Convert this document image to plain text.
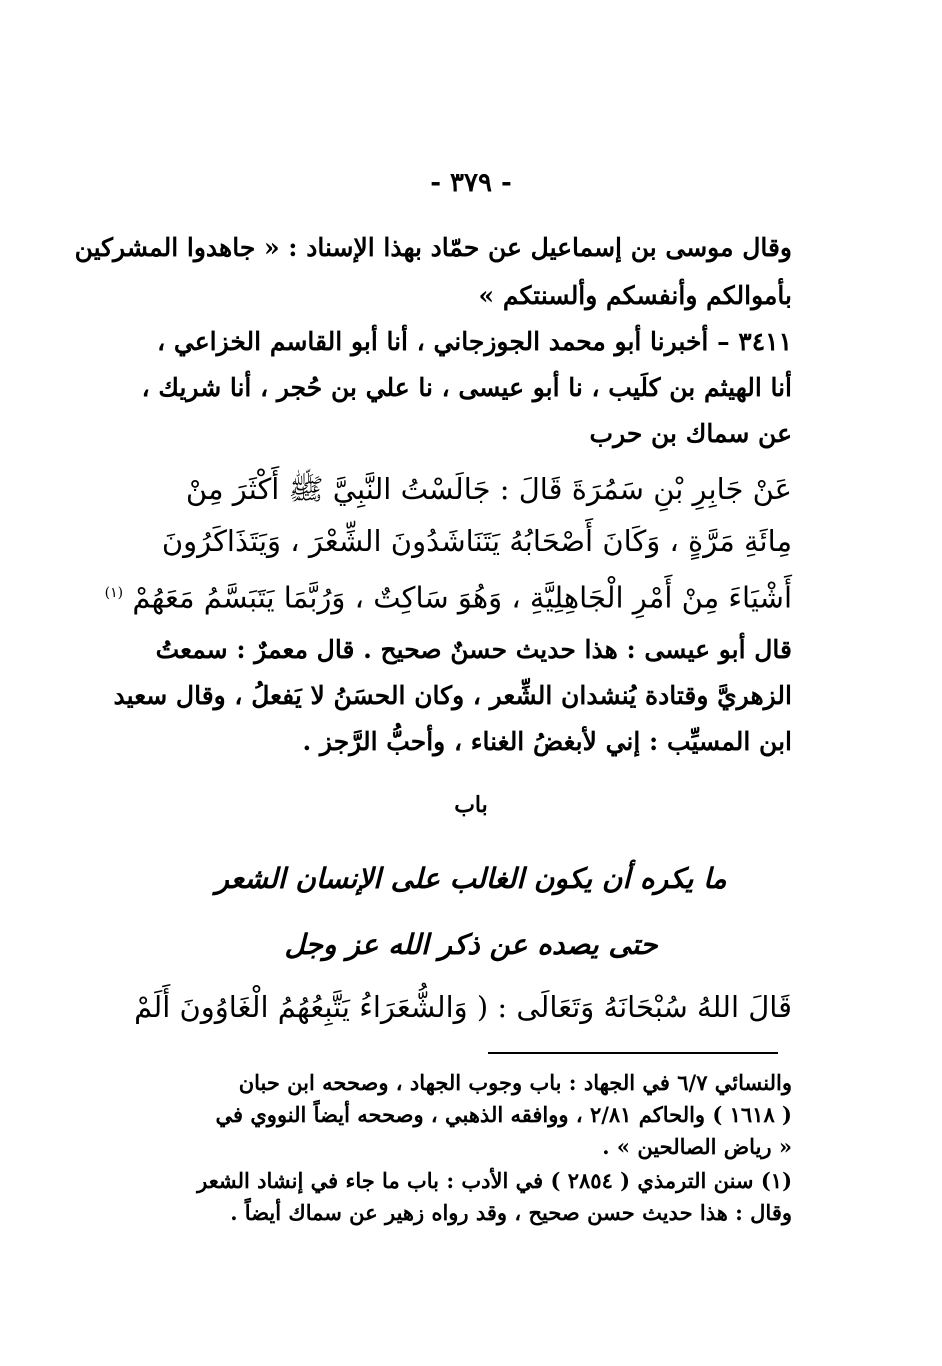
- ٣٧٩ -
وقال موسى بن إسماعيل عن حمّاد بهذا الإسناد : « جاهدوا المشركين
بأموالكم وأنفسكم وألسنتكم »
٣٤١١ – أخبرنا أبو محمد الجوزجاني ، أنا أبو القاسم الخزاعي ،
أنا الهيثم بن كلَيب ، نا أبو عيسى ، نا علي بن حُجر ، أنا شريك ،
عن سماك بن حرب
عَنْ جَابِرِ بْنِ سَمُرَةَ قَالَ : جَالَسْتُ النَّبِيَّ ﷺ أَكْثَرَ مِنْ
مِائَةِ مَرَّةٍ ، وَكَانَ أَصْحَابُهُ يَتَنَاشَدُونَ الشِّعْرَ ، وَيَتَذَاكَرُونَ
أَشْيَاءَ مِنْ أَمْرِ الْجَاهِلِيَّةِ ، وَهُوَ سَاكِتٌ ، وَرُبَّمَا يَتَبَسَّمُ مَعَهُمْ $^{(١)}$
قال أبو عيسى : هذا حديث حسنٌ صحيح . قال معمرٌ : سمعتُ
الزهريَّ وقتادة يُنشدان الشِّعر ، وكان الحسَنُ لا يَفعلُ ، وقال سعيد
ابن المسيِّب : إني لأبغضُ الغناء ، وأحبُّ الرَّجز .
باب
ما يكره أن يكون الغالب على الإنسان الشعر
حتى يصده عن ذكر الله عز وجل
قَالَ اللهُ سُبْحَانَهُ وَتَعَالَى : ( وَالشُّعَرَاءُ يَتَّبِعُهُمُ الْغَاوُونَ أَلَمْ
والنسائي ٦/٧ في الجهاد : باب وجوب الجهاد ، وصححه ابن حبان
( ١٦١٨ ) والحاكم ٢/٨١ ، ووافقه الذهبي ، وصححه أيضاً النووي في
« رياض الصالحين » .
(١) سنن الترمذي ( ٢٨٥٤ ) في الأدب : باب ما جاء في إنشاد الشعر
وقال : هذا حديث حسن صحيح ، وقد رواه زهير عن سماك أيضاً .
